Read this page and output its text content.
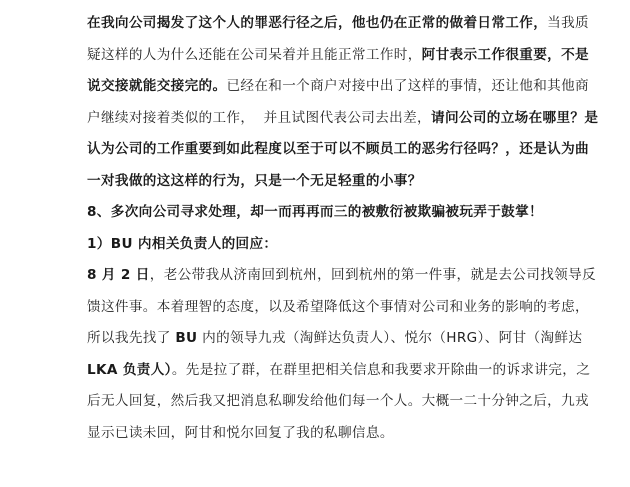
在我向公司揭发了这个人的罪恶行径之后，他也仍在正常的做着日常工作，当我质

疑这样的人为什么还能在公司呆着并且能正常工作时，阿甘表示工作很重要，不是

说交接就能交接完的。已经在和一个商户对接中出了这样的事情，还让他和其他商

户继续对接着类似的工作，  并且试图代表公司去出差，请问公司的立场在哪里？是

认为公司的工作重要到如此程度以至于可以不顾员工的恶劣行径吗？，还是认为曲

一对我做的这这样的行为，只是一个无足轻重的小事？

8、多次向公司寻求处理，却一而再再而三的被敷衍被欺骗被玩弄于鼓掌！

1）BU 内相关负责人的回应：

8 月 2 日，老公带我从济南回到杭州，回到杭州的第一件事，就是去公司找领导反

馈这件事。本着理智的态度，以及希望降低这个事情对公司和业务的影响的考虑，

所以我先找了 BU 内的领导九戎（淘鲜达负责人）、悦尔（HRG）、阿甘（淘鲜达

LKA 负责人）。先是拉了群，在群里把相关信息和我要求开除曲一的诉求讲完，之

后无人回复，然后我又把消息私聊发给他们每一个人。大概一二十分钟之后，九戎

显示已读未回，阿甘和悦尔回复了我的私聊信息。
